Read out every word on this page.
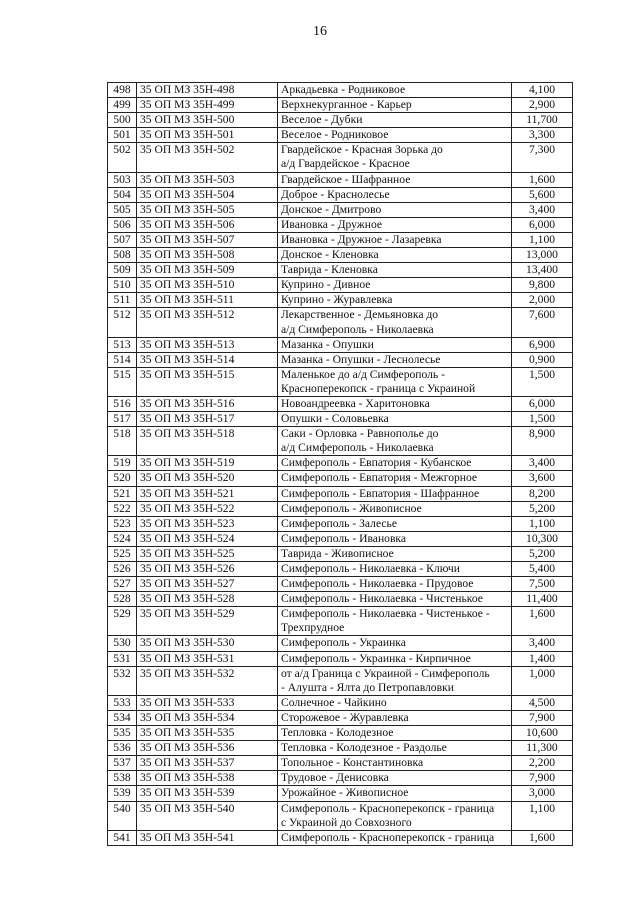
16
498	35 ОП МЗ 35Н-498	Аркадьевка - Родниковое	4,100
499	35 ОП МЗ 35Н-499	Верхнекурганное - Карьер	2,900
500	35 ОП МЗ 35Н-500	Веселое - Дубки	11,700
501	35 ОП МЗ 35Н-501	Веселое - Родниковое	3,300
502	35 ОП МЗ 35Н-502	Гвардейское - Красная Зорька до
а/д Гвардейское - Красное	7,300
503	35 ОП МЗ 35Н-503	Гвардейское - Шафранное	1,600
504	35 ОП МЗ 35Н-504	Доброе - Краснолесье	5,600
505	35 ОП МЗ 35Н-505	Донское - Дмитрово	3,400
506	35 ОП МЗ 35Н-506	Ивановка - Дружное	6,000
507	35 ОП МЗ 35Н-507	Ивановка - Дружное - Лазаревка	1,100
508	35 ОП МЗ 35Н-508	Донское - Кленовка	13,000
509	35 ОП МЗ 35Н-509	Таврида - Кленовка	13,400
510	35 ОП МЗ 35Н-510	Куприно - Дивное	9,800
511	35 ОП МЗ 35Н-511	Куприно - Журавлевка	2,000
512	35 ОП МЗ 35Н-512	Лекарственное - Демьяновка до
а/д Симферополь - Николаевка	7,600
513	35 ОП МЗ 35Н-513	Мазанка - Опушки	6,900
514	35 ОП МЗ 35Н-514	Мазанка - Опушки - Леснолесье	0,900
515	35 ОП МЗ 35Н-515	Маленькое до а/д Симферополь -
Красноперекопск - граница с Украиной	1,500
516	35 ОП МЗ 35Н-516	Новоандреевка - Харитоновка	6,000
517	35 ОП МЗ 35Н-517	Опушки - Соловьевка	1,500
518	35 ОП МЗ 35Н-518	Саки - Орловка - Равнополье до
а/д Симферополь - Николаевка	8,900
519	35 ОП МЗ 35Н-519	Симферополь - Евпатория - Кубанское	3,400
520	35 ОП МЗ 35Н-520	Симферополь - Евпатория - Межгорное	3,600
521	35 ОП МЗ 35Н-521	Симферополь - Евпатория - Шафранное	8,200
522	35 ОП МЗ 35Н-522	Симферополь - Живописное	5,200
523	35 ОП МЗ 35Н-523	Симферополь - Залесье	1,100
524	35 ОП МЗ 35Н-524	Симферополь - Ивановка	10,300
525	35 ОП МЗ 35Н-525	Таврида - Живописное	5,200
526	35 ОП МЗ 35Н-526	Симферополь - Николаевка - Ключи	5,400
527	35 ОП МЗ 35Н-527	Симферополь - Николаевка - Прудовое	7,500
528	35 ОП МЗ 35Н-528	Симферополь - Николаевка - Чистенькое	11,400
529	35 ОП МЗ 35Н-529	Симферополь - Николаевка - Чистенькое -
Трехпрудное	1,600
530	35 ОП МЗ 35Н-530	Симферополь - Украинка	3,400
531	35 ОП МЗ 35Н-531	Симферополь - Украинка - Кирпичное	1,400
532	35 ОП МЗ 35Н-532	от а/д Граница с Украиной - Симферополь
- Алушта - Ялта до Петропавловки	1,000
533	35 ОП МЗ 35Н-533	Солнечное - Чайкино	4,500
534	35 ОП МЗ 35Н-534	Сторожевое - Журавлевка	7,900
535	35 ОП МЗ 35Н-535	Тепловка - Колодезное	10,600
536	35 ОП МЗ 35Н-536	Тепловка - Колодезное - Раздолье	11,300
537	35 ОП МЗ 35Н-537	Топольное - Константиновка	2,200
538	35 ОП МЗ 35Н-538	Трудовое - Денисовка	7,900
539	35 ОП МЗ 35Н-539	Урожайное - Живописное	3,000
540	35 ОП МЗ 35Н-540	Симферополь - Красноперекопск - граница
с Украиной до Совхозного	1,100
541	35 ОП МЗ 35Н-541	Симферополь - Красноперекопск - граница	1,600
